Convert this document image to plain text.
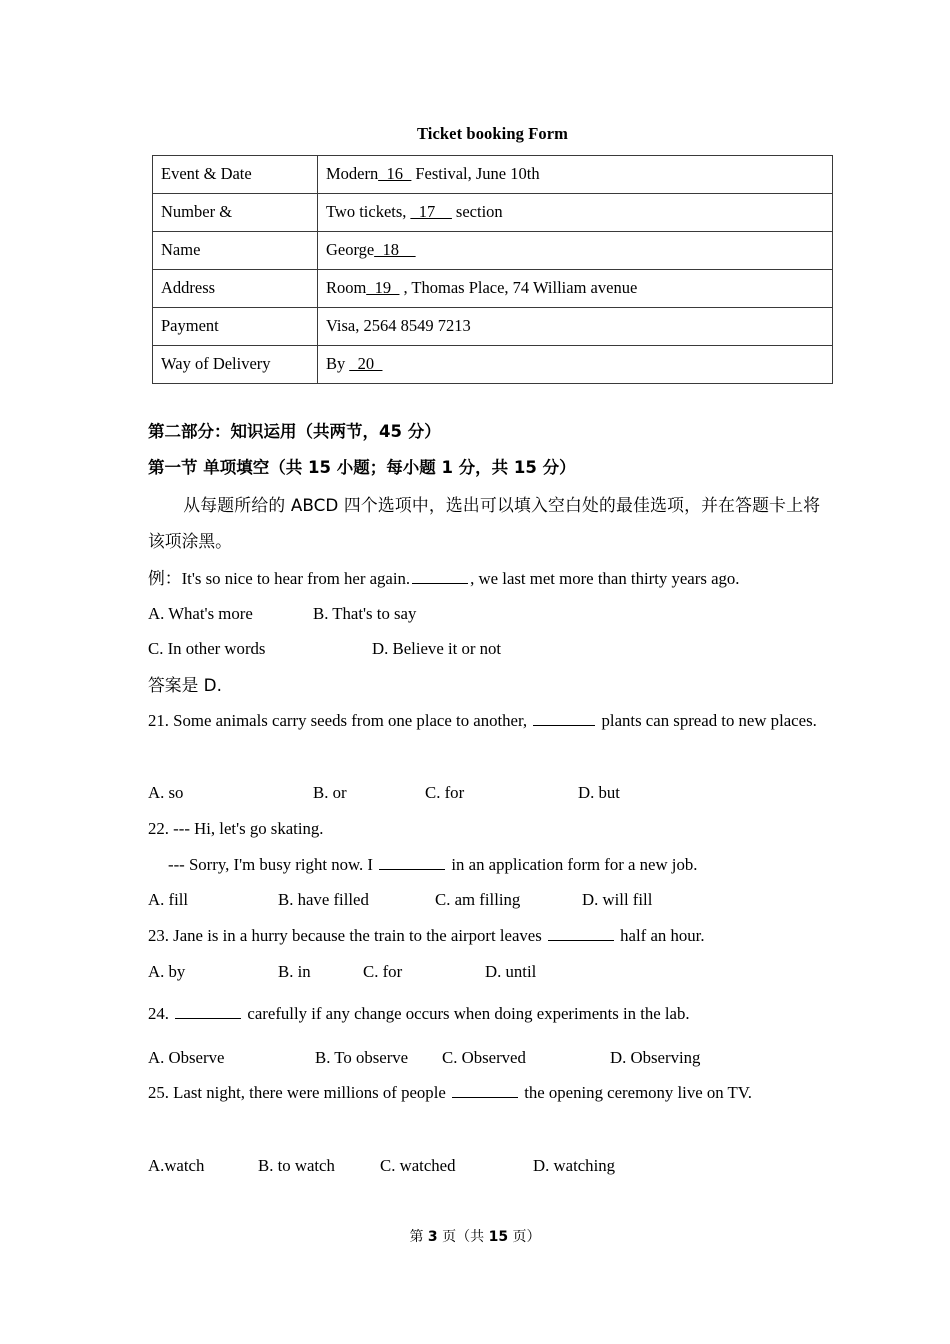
Ticket booking Form
Event & Date	Modern_16_ Festival, June 10th
Number &	Two tickets, _17__ section
Name	George_18__
Address	Room_19_ , Thomas Place, 74 William avenue
Payment	Visa, 2564 8549 7213
Way of Delivery	By _20_
第二部分：知识运用（共两节，45 分）
第一节 单项填空（共 15 小题；每小题 1 分，共 15 分）
从每题所给的 ABCD 四个选项中，选出可以填入空白处的最佳选项，并在答题卡上将该项涂黑。
例：It's so nice to hear from her again.	, we last met more than thirty years ago.
A. What's more	B. That's to say
C. In other words	D. Believe it or not
答案是 D.
21. Some animals carry seeds from one place to another,	plants can spread to new places.
A. so	B. or	C. for	D. but
22. --- Hi, let's go skating.
--- Sorry, I'm busy right now. I	in an application form for a new job.
A. fill	B. have filled	C. am filling	D. will fill
23. Jane is in a hurry because the train to the airport leaves	half an hour.
A. by	B. in	C. for	D. until
24.	carefully if any change occurs when doing experiments in the lab.
A. Observe	B. To observe C. Observed	D. Observing
25. Last night, there were millions of people	the opening ceremony live on TV.
A.watch	B. to watch	C. watched	D. watching
第 3 页（共 15 页）
